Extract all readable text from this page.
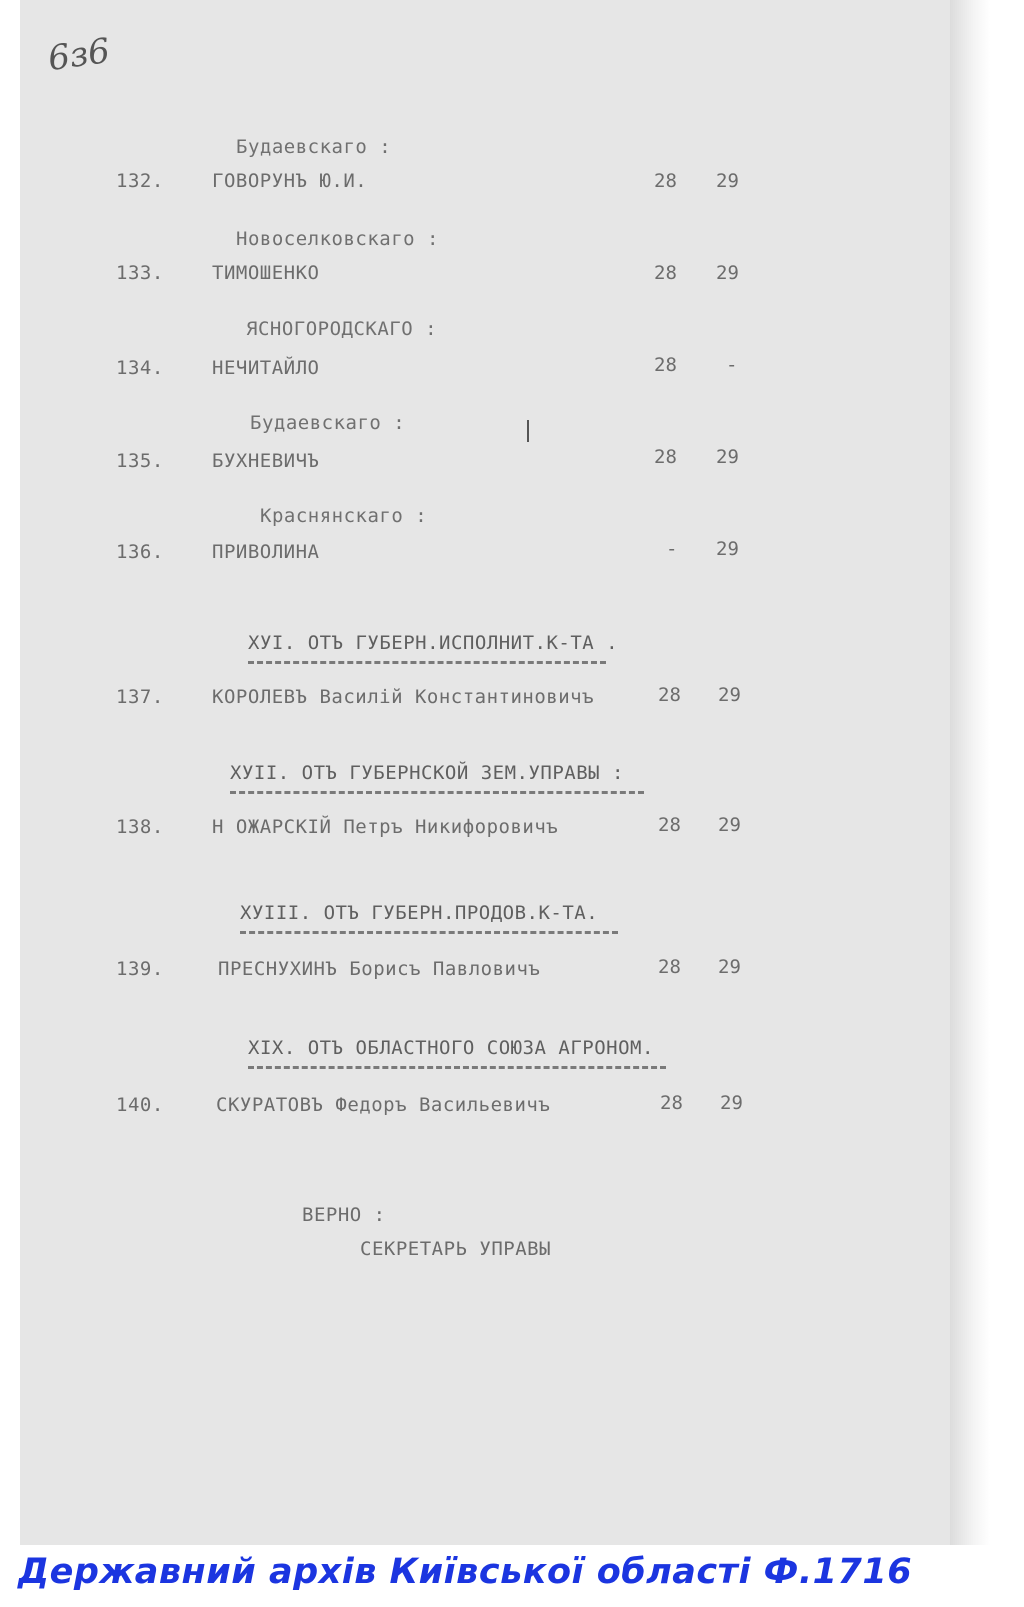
6з6
Будаевскаго :
132.	ГОВОРУНЪ Ю.И.	28 29
Новоселковскаго :
133.	ТИМОШЕНКО	28 29
ЯСНОГОРОДСКАГО :
134.	НЕЧИТАЙЛО	28	-
Будаевскаго :
135.	БУХНЕВИЧЪ	28 29
Краснянскаго :
136.	ПРИВОЛИНА	- 29
ХУI. ОТЪ ГУБЕРН.ИСПОЛНИТ.К-ТА .
137.	КОРОЛЕВЪ Василій Константиновичъ	28 29
ХУII. ОТЪ ГУБЕРНСКОЙ ЗЕМ.УПРАВЫ :
138.	Н ОЖАРСКІЙ Петръ Никифоровичъ	28 29
ХУIII. ОТЪ ГУБЕРН.ПРОДОВ.К-ТА.
139.	ПРЕСНУХИНЪ Борисъ Павловичъ	28 29
XIX. ОТЪ ОБЛАСТНОГО СОЮЗА АГРОНОМ.
140.	СКУРАТОВЪ Федоръ Васильевичъ	28 29
ВЕРНО :
СЕКРЕТАРЬ УПРАВЫ
Державний архів Київської області Ф.1716
